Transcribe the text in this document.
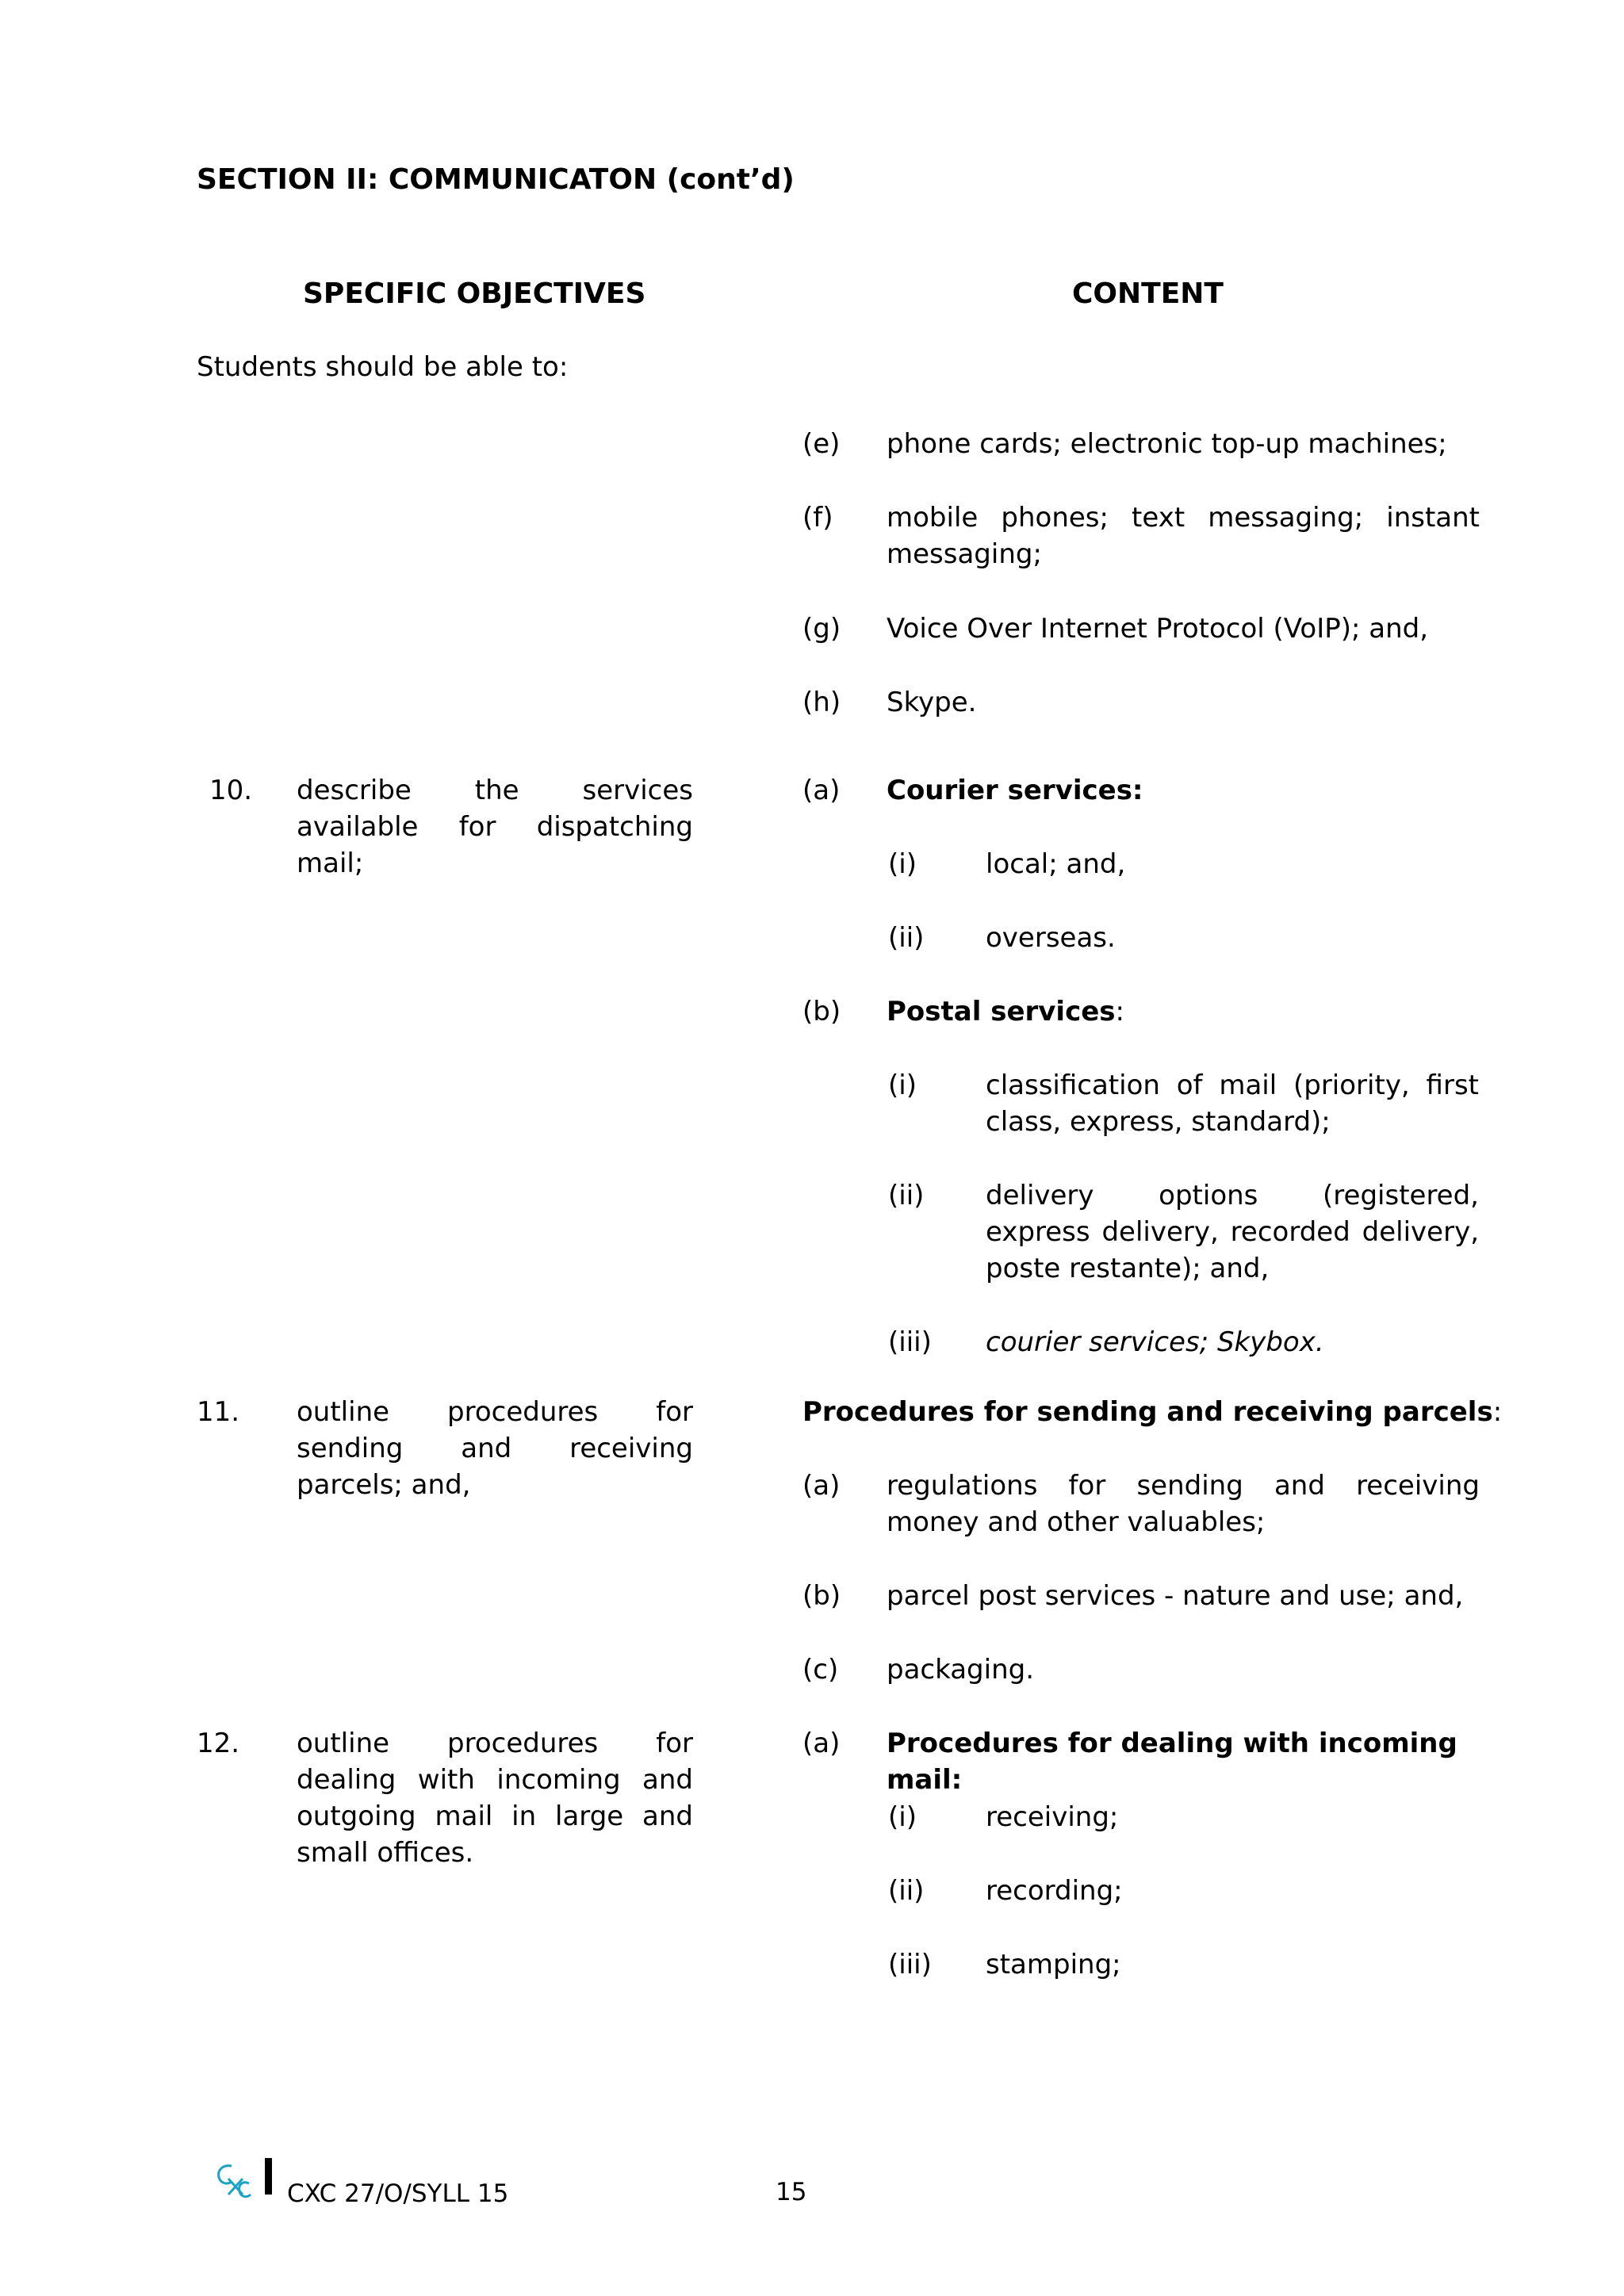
SECTION II: COMMUNICATON (cont’d)
SPECIFIC OBJECTIVES	CONTENT
Students should be able to:
(e) phone cards; electronic top-up machines;
(f) mobile phones; text messaging; instant messaging;
(g) Voice Over Internet Protocol (VoIP); and,
(h) Skype.
10. describe the services available for dispatching mail;
(a) Courier services:
(i)	local; and,
(ii) overseas.
(b) Postal services:
(i)	classification of mail (priority, first class, express, standard);
(ii) delivery options (registered, express delivery, recorded delivery, poste restante); and,
(iii) courier services; Skybox.
11. outline procedures for sending and receiving parcels; and,
Procedures for sending and receiving parcels:
(a) regulations for sending and receiving money and other valuables;
(b) parcel post services - nature and use; and,
(c) packaging.
12. outline procedures for dealing with incoming and outgoing mail in large and small offices.
(a) Procedures for dealing with incoming mail:
(i)	receiving;
(ii) recording;
(iii) stamping;
CXC 27/O/SYLL 15	15
